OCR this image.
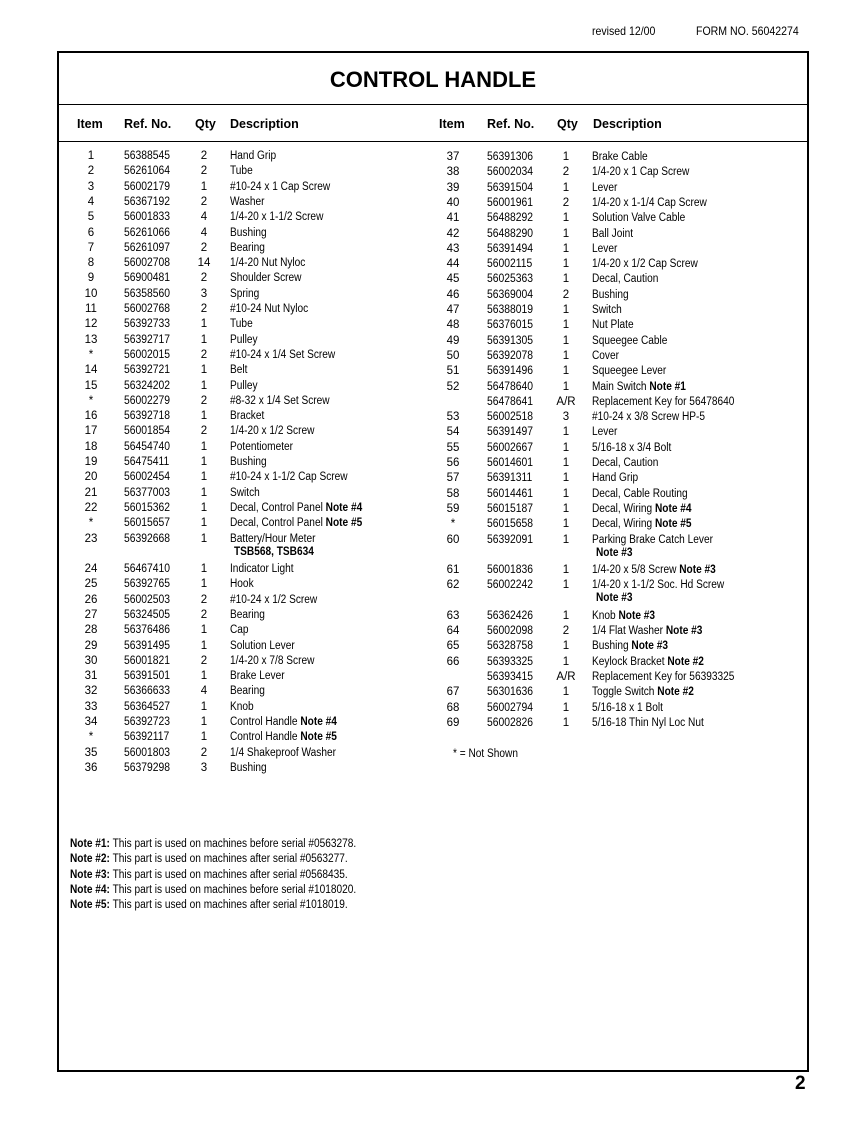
revised 12/00	FORM NO. 56042274
CONTROL HANDLE
Item Ref. No. Qty Description	Item Ref. No. Qty Description
1	56388545	2	Hand Grip
2	56261064	2	Tube
3	56002179	1	#10-24 x 1 Cap Screw
4	56367192	2	Washer
5	56001833	4	1/4-20 x 1-1/2 Screw
6	56261066	4	Bushing
7	56261097	2	Bearing
8	56002708	14	1/4-20 Nut Nyloc
9	56900481	2	Shoulder Screw
10	56358560	3	Spring
11	56002768	2	#10-24 Nut Nyloc
12	56392733	1	Tube
13	56392717	1	Pulley
*	56002015	2	#10-24 x 1/4 Set Screw
14	56392721	1	Belt
15	56324202	1	Pulley
*	56002279	2	#8-32 x 1/4 Set Screw
16	56392718	1	Bracket
17	56001854	2	1/4-20 x 1/2 Screw
18	56454740	1	Potentiometer
19	56475411	1	Bushing
20	56002454	1	#10-24 x 1-1/2 Cap Screw
21	56377003	1	Switch
22	56015362	1	Decal, Control Panel Note #4
*	56015657	1	Decal, Control Panel Note #5
23	56392668	1	Battery/Hour Meter
TSB568, TSB634
24	56467410	1	Indicator Light
25	56392765	1	Hook
26	56002503	2	#10-24 x 1/2 Screw
27	56324505	2	Bearing
28	56376486	1	Cap
29	56391495	1	Solution Lever
30	56001821	2	1/4-20 x 7/8 Screw
31	56391501	1	Brake Lever
32	56366633	4	Bearing
33	56364527	1	Knob
34	56392723	1	Control Handle Note #4
*	56392117	1	Control Handle Note #5
35	56001803	2	1/4 Shakeproof Washer
36	56379298	3	Bushing
37	56391306	1	Brake Cable
38	56002034	2	1/4-20 x 1 Cap Screw
39	56391504	1	Lever
40	56001961	2	1/4-20 x 1-1/4 Cap Screw
41	56488292	1	Solution Valve Cable
42	56488290	1	Ball Joint
43	56391494	1	Lever
44	56002115	1	1/4-20 x 1/2 Cap Screw
45	56025363	1	Decal, Caution
46	56369004	2	Bushing
47	56388019	1	Switch
48	56376015	1	Nut Plate
49	56391305	1	Squeegee Cable
50	56392078	1	Cover
51	56391496	1	Squeegee Lever
52	56478640	1	Main Switch Note #1
56478641 A/R Replacement Key for 56478640
53	56002518	3	#10-24 x 3/8 Screw HP-5
54	56391497	1	Lever
55	56002667	1	5/16-18 x 3/4 Bolt
56	56014601	1	Decal, Caution
57	56391311	1	Hand Grip
58	56014461	1	Decal, Cable Routing
59	56015187	1	Decal, Wiring Note #4
*	56015658	1	Decal, Wiring Note #5
60	56392091	1	Parking Brake Catch Lever
Note #3
61	56001836	1	1/4-20 x 5/8 Screw Note #3
62	56002242	1	1/4-20 x 1-1/2 Soc. Hd Screw
Note #3
63	56362426	1	Knob Note #3
64	56002098	2	1/4 Flat Washer Note #3
65	56328758	1	Bushing Note #3
66	56393325	1	Keylock Bracket Note #2
56393415 A/R Replacement Key for 56393325
67	56301636	1	Toggle Switch Note #2
68	56002794	1	5/16-18 x 1 Bolt
69	56002826	1	5/16-18 Thin Nyl Loc Nut
* = Not Shown
Note #1: This part is used on machines before serial #0563278.
Note #2: This part is used on machines after serial #0563277.
Note #3: This part is used on machines after serial #0568435.
Note #4: This part is used on machines before serial #1018020.
Note #5: This part is used on machines after serial #1018019.
2
